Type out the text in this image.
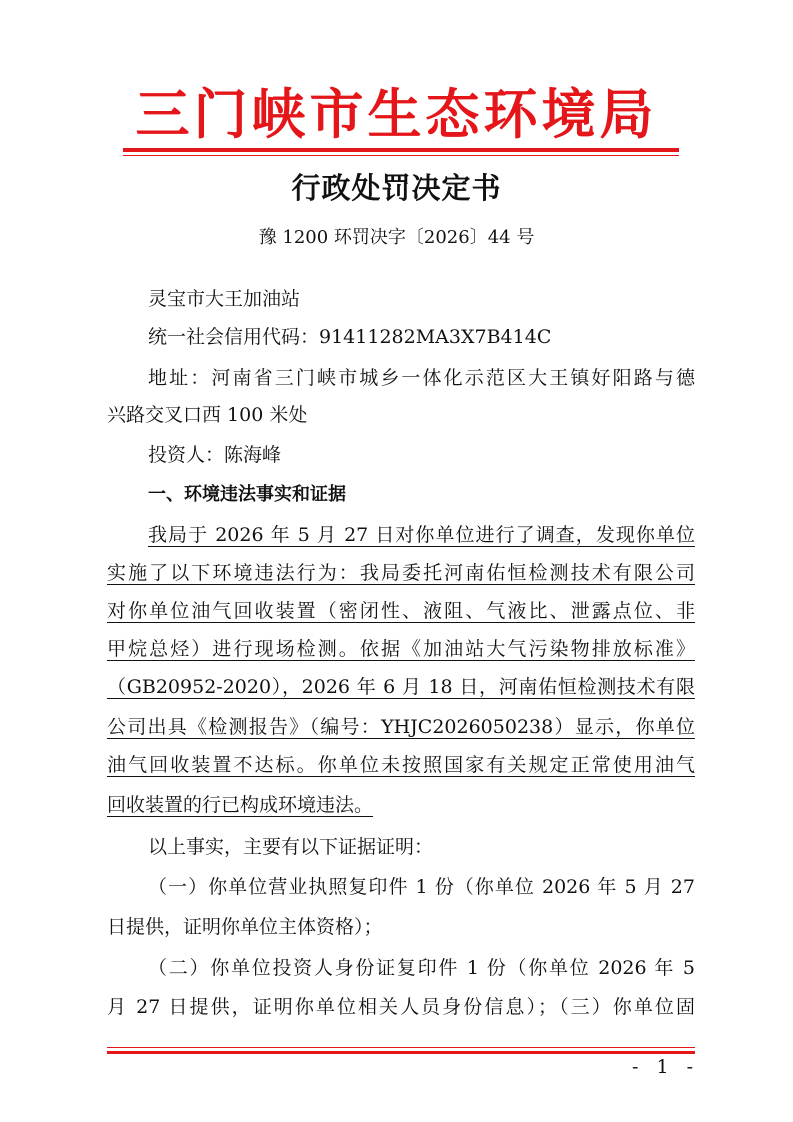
三门峡市生态环境局
行政处罚决定书
豫 1200 环罚决字〔2026〕44 号
灵宝市大王加油站
统一社会信用代码：91411282MA3X7B414C
地址：河南省三门峡市城乡一体化示范区大王镇好阳路与德
兴路交叉口西 100 米处
投资人：陈海峰
一、环境违法事实和证据
我局于 2026 年 5 月 27 日对你单位进行了调查，发现你单位
实施了以下环境违法行为：我局委托河南佑恒检测技术有限公司
对你单位油气回收装置（密闭性、液阻、气液比、泄露点位、非
甲烷总烃）进行现场检测。依据《加油站大气污染物排放标准》
（GB20952-2020），2026 年 6 月 18 日，河南佑恒检测技术有限
公司出具《检测报告》（编号：YHJC2026050238）显示，你单位
油气回收装置不达标。你单位未按照国家有关规定正常使用油气
回收装置的行已构成环境违法。
以上事实，主要有以下证据证明：
（一）你单位营业执照复印件 1 份（你单位 2026 年 5 月 27
日提供，证明你单位主体资格）；
（二）你单位投资人身份证复印件 1 份（你单位 2026 年 5
月 27 日提供，证明你单位相关人员身份信息）；（三）你单位固
- 1 -
